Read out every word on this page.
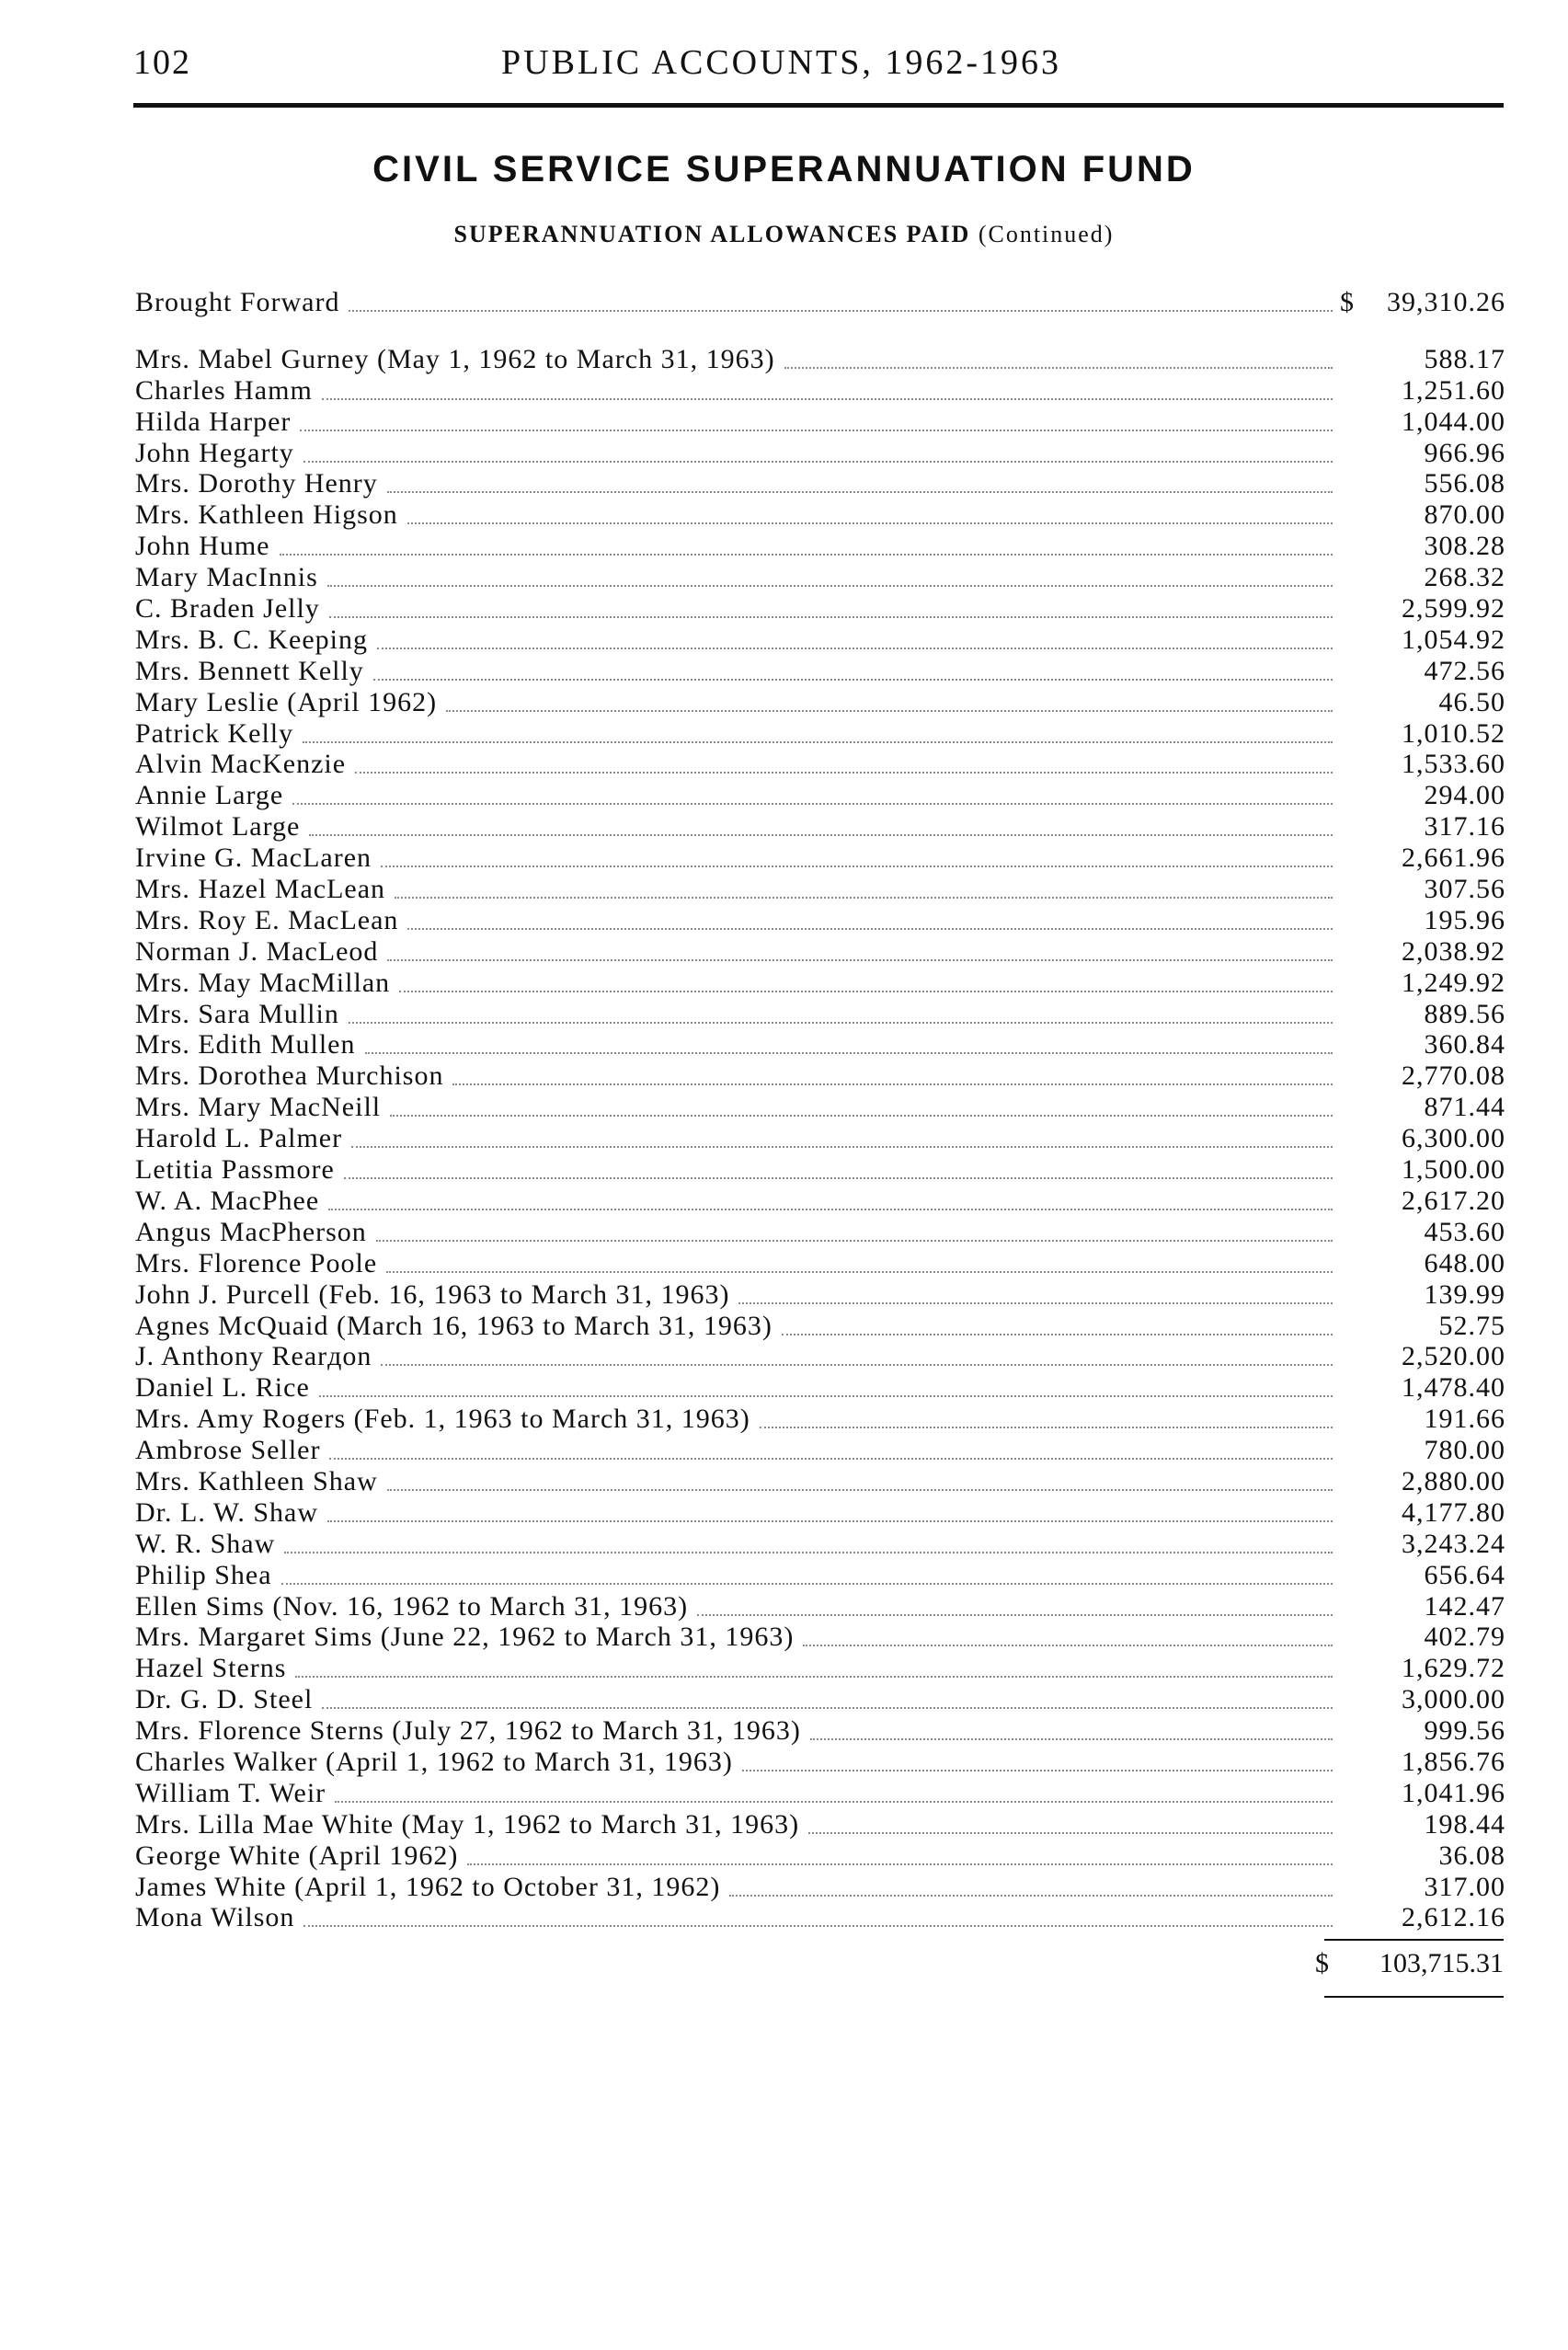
102	PUBLIC ACCOUNTS, 1962-1963
CIVIL SERVICE SUPERANNUATION FUND
SUPERANNUATION ALLOWANCES PAID (Continued)
Brought Forward	$	39,310.26
Mrs. Mabel Gurney (May 1, 1962 to March 31, 1963)	588.17
Charles Hamm	1,251.60
Hilda Harper	1,044.00
John Hegarty	966.96
Mrs. Dorothy Henry	556.08
Mrs. Kathleen Higson	870.00
John Hume	308.28
Mary MacInnis	268.32
C. Braden Jelly	2,599.92
Mrs. B. C. Keeping	1,054.92
Mrs. Bennett Kelly	472.56
Mary Leslie (April 1962)	46.50
Patrick Kelly	1,010.52
Alvin MacKenzie	1,533.60
Annie Large	294.00
Wilmot Large	317.16
Irvine G. MacLaren	2,661.96
Mrs. Hazel MacLean	307.56
Mrs. Roy E. MacLean	195.96
Norman J. MacLeod	2,038.92
Mrs. May MacMillan	1,249.92
Mrs. Sara Mullin	889.56
Mrs. Edith Mullen	360.84
Mrs. Dorothea Murchison	2,770.08
Mrs. Mary MacNeill	871.44
Harold L. Palmer	6,300.00
Letitia Passmore	1,500.00
W. A. MacPhee	2,617.20
Angus MacPherson	453.60
Mrs. Florence Poole	648.00
John J. Purcell (Feb. 16, 1963 to March 31, 1963)	139.99
Agnes McQuaid (March 16, 1963 to March 31, 1963)	52.75
J. Anthony Rearдon	2,520.00
Daniel L. Rice	1,478.40
Mrs. Amy Rogers (Feb. 1, 1963 to March 31, 1963)	191.66
Ambrose Seller	780.00
Mrs. Kathleen Shaw	2,880.00
Dr. L. W. Shaw	4,177.80
W. R. Shaw	3,243.24
Philip Shea	656.64
Ellen Sims (Nov. 16, 1962 to March 31, 1963)	142.47
Mrs. Margaret Sims (June 22, 1962 to March 31, 1963)	402.79
Hazel Sterns	1,629.72
Dr. G. D. Steel	3,000.00
Mrs. Florence Sterns (July 27, 1962 to March 31, 1963)	999.56
Charles Walker (April 1, 1962 to March 31, 1963)	1,856.76
William T. Weir	1,041.96
Mrs. Lilla Mae White (May 1, 1962 to March 31, 1963)	198.44
George White (April 1962)	36.08
James White (April 1, 1962 to October 31, 1962)	317.00
Mona Wilson	2,612.16
$ 103,715.31
